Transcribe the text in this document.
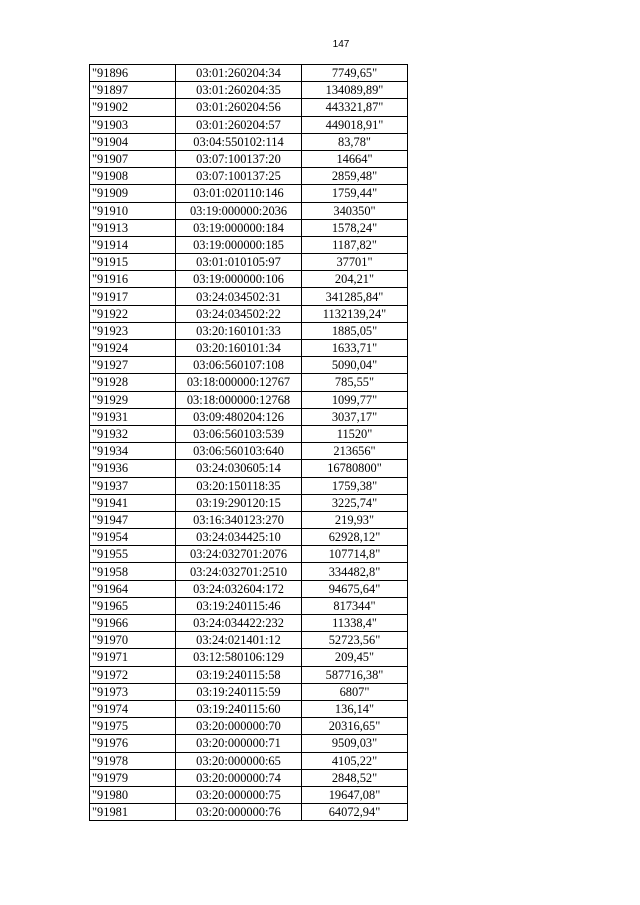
147
"91896	03:01:260204:34	7749,65"
"91897	03:01:260204:35	134089,89"
"91902	03:01:260204:56	443321,87"
"91903	03:01:260204:57	449018,91"
"91904	03:04:550102:114	83,78"
"91907	03:07:100137:20	14664"
"91908	03:07:100137:25	2859,48"
"91909	03:01:020110:146	1759,44"
"91910	03:19:000000:2036	340350"
"91913	03:19:000000:184	1578,24"
"91914	03:19:000000:185	1187,82"
"91915	03:01:010105:97	37701"
"91916	03:19:000000:106	204,21"
"91917	03:24:034502:31	341285,84"
"91922	03:24:034502:22	1132139,24"
"91923	03:20:160101:33	1885,05"
"91924	03:20:160101:34	1633,71"
"91927	03:06:560107:108	5090,04"
"91928	03:18:000000:12767	785,55"
"91929	03:18:000000:12768	1099,77"
"91931	03:09:480204:126	3037,17"
"91932	03:06:560103:539	11520"
"91934	03:06:560103:640	213656"
"91936	03:24:030605:14	16780800"
"91937	03:20:150118:35	1759,38"
"91941	03:19:290120:15	3225,74"
"91947	03:16:340123:270	219,93"
"91954	03:24:034425:10	62928,12"
"91955	03:24:032701:2076	107714,8"
"91958	03:24:032701:2510	334482,8"
"91964	03:24:032604:172	94675,64"
"91965	03:19:240115:46	817344"
"91966	03:24:034422:232	11338,4"
"91970	03:24:021401:12	52723,56"
"91971	03:12:580106:129	209,45"
"91972	03:19:240115:58	587716,38"
"91973	03:19:240115:59	6807"
"91974	03:19:240115:60	136,14"
"91975	03:20:000000:70	20316,65"
"91976	03:20:000000:71	9509,03"
"91978	03:20:000000:65	4105,22"
"91979	03:20:000000:74	2848,52"
"91980	03:20:000000:75	19647,08"
"91981	03:20:000000:76	64072,94"
